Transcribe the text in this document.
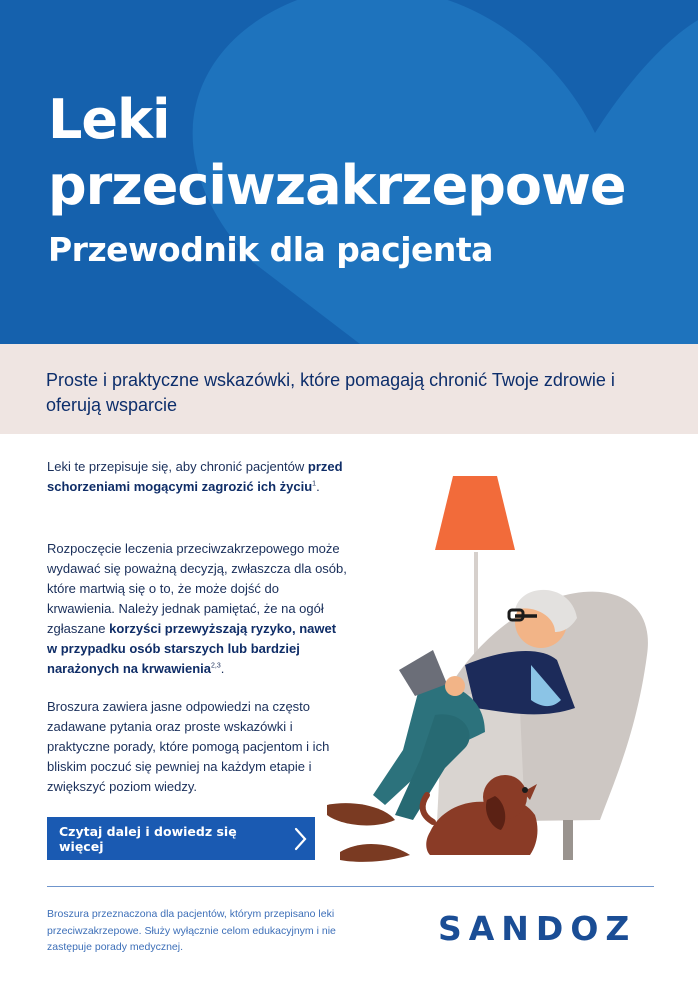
Leki
przeciwzakrzepowe
Przewodnik dla pacjenta

Proste i praktyczne wskazówki, które pomagają chronić Twoje zdrowie i oferują wsparcie

Leki te przepisuje się, aby chronić pacjentów przed schorzeniami mogącymi zagrozić ich życiu$^1$.

Rozpoczęcie leczenia przeciwzakrzepowego może wydawać się poważną decyzją, zwłaszcza dla osób, które martwią się o to, że może dojść do krwawienia. Należy jednak pamiętać, że na ogół zgłaszane korzyści przewyższają ryzyko, nawet w przypadku osób starszych lub bardziej narażonych na krwawienia$^{2,3}$.

Broszura zawiera jasne odpowiedzi na często zadawane pytania oraz proste wskazówki i praktyczne porady, które pomogą pacjentom i ich bliskim poczuć się pewniej na każdym etapie i zwiększyć poziom wiedzy.

Czytaj dalej i dowiedz się więcej

Broszura przeznaczona dla pacjentów, którym przepisano leki przeciwzakrzepowe. Służy wyłącznie celom edukacyjnym i nie zastępuje porady medycznej.	SANDOZ
